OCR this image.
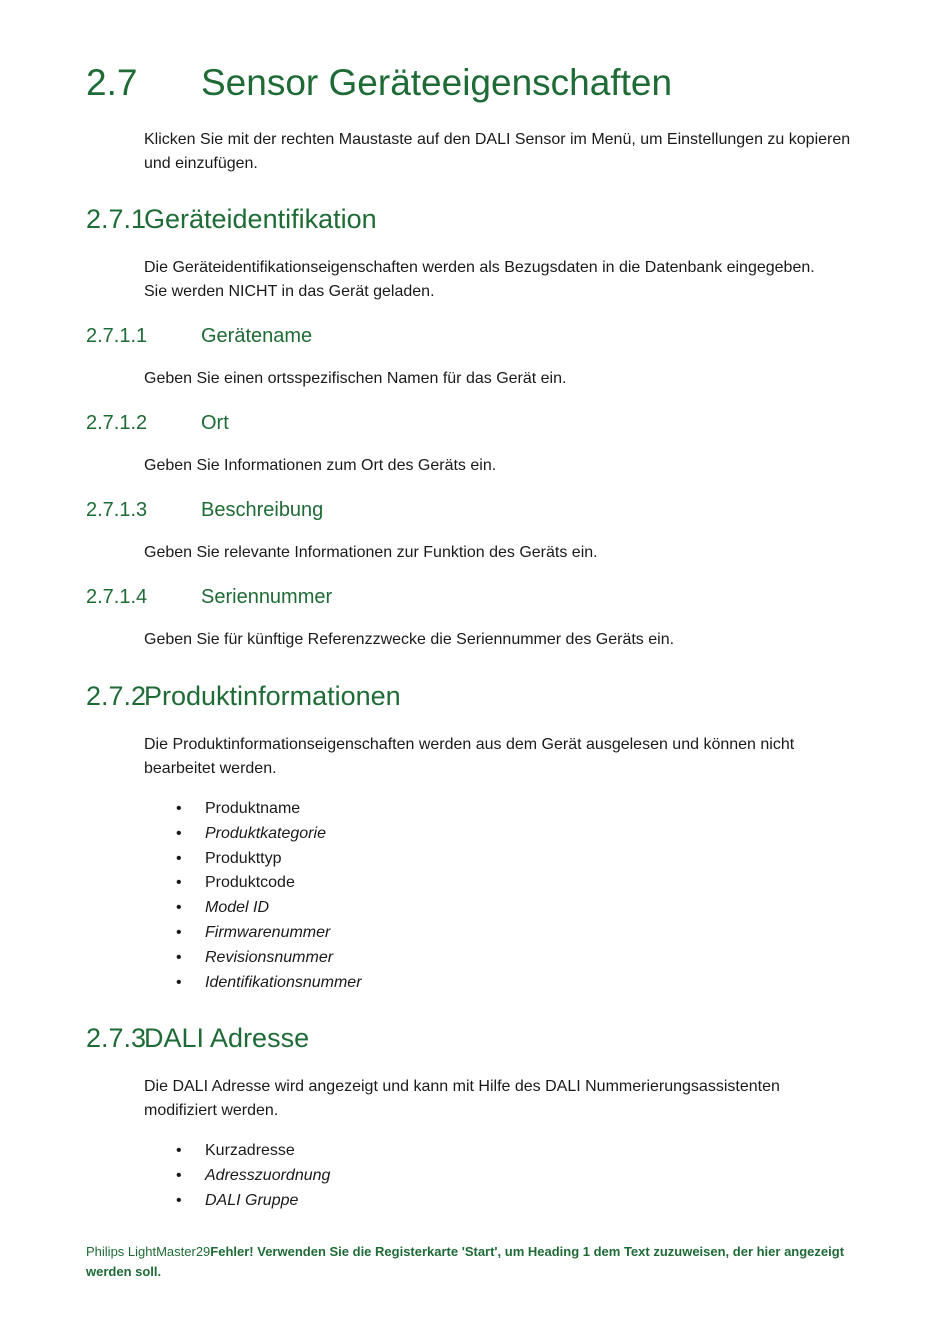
2.7 Sensor Geräteeigenschaften
Klicken Sie mit der rechten Maustaste auf den DALI Sensor im Menü, um Einstellungen zu kopieren
und einzufügen.
2.7.1Geräteidentifikation
Die Geräteidentifikationseigenschaften werden als Bezugsdaten in die Datenbank eingegeben.
Sie werden NICHT in das Gerät geladen.
2.7.1.1	Gerätename
Geben Sie einen ortsspezifischen Namen für das Gerät ein.
2.7.1.2	Ort
Geben Sie Informationen zum Ort des Geräts ein.
2.7.1.3	Beschreibung
Geben Sie relevante Informationen zur Funktion des Geräts ein.
2.7.1.4	Seriennummer
Geben Sie für künftige Referenzzwecke die Seriennummer des Geräts ein.
2.7.2Produktinformationen
Die Produktinformationseigenschaften werden aus dem Gerät ausgelesen und können nicht
bearbeitet werden.
• Produktname
• Produktkategorie
• Produkttyp
• Produktcode
• Model ID
• Firmwarenummer
• Revisionsnummer
• Identifikationsnummer
2.7.3DALI Adresse
Die DALI Adresse wird angezeigt und kann mit Hilfe des DALI Nummerierungsassistenten
modifiziert werden.
• Kurzadresse
• Adresszuordnung
• DALI Gruppe
Philips LightMaster29Fehler! Verwenden Sie die Registerkarte 'Start', um Heading 1 dem Text zuzuweisen, der hier angezeigt werden soll.
